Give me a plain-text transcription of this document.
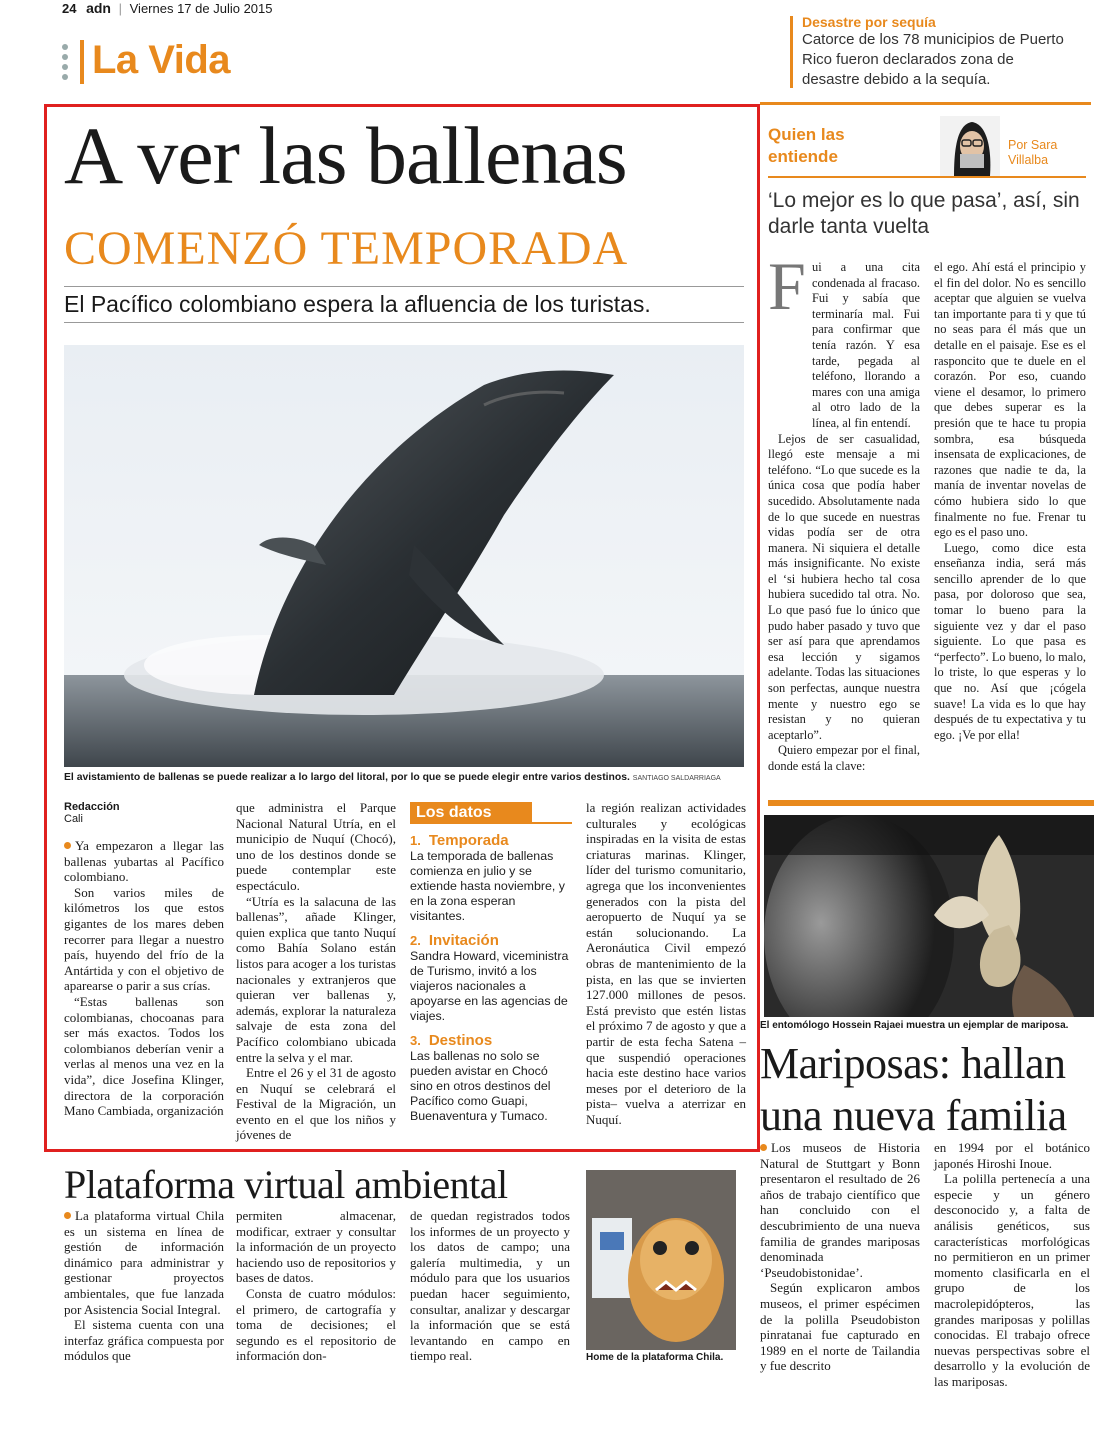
24 adn | Viernes 17 de Julio 2015
La Vida
Desastre por sequía
Catorce de los 78 municipios de Puerto Rico fueron declarados zona de desastre debido a la sequía.
A ver las ballenas
COMENZÓ TEMPORADA
El Pacífico colombiano espera la afluencia de los turistas.
El avistamiento de ballenas se puede realizar a lo largo del litoral, por lo que se puede elegir entre varios destinos. SANTIAGO SALDARRIAGA
Redacción
Cali

Ya empezaron a llegar las ballenas yubartas al Pacífico colombiano.

Son varios miles de kilómetros los que estos gigantes de los mares deben recorrer para llegar a nuestro país, huyendo del frío de la Antártida y con el objetivo de aparearse o parir a sus crías.

“Estas ballenas son colombianas, chocoanas para ser más exactos. Todos los colombianos deberían venir a verlas al menos una vez en la vida”, dice Josefina Klinger, directora de la corporación Mano Cambiada, organización

que administra el Parque Nacional Natural Utría, en el municipio de Nuquí (Chocó), uno de los destinos donde se puede contemplar este espectáculo.

“Utría es la salacuna de las ballenas”, añade Klinger, quien explica que tanto Nuquí como Bahía Solano están listos para acoger a los turistas nacionales y extranjeros que quieran ver ballenas y, además, explorar la naturaleza salvaje de esta zona del Pacífico colombiano ubicada entre la selva y el mar.

Entre el 26 y el 31 de agosto en Nuquí se celebrará el Festival de la Migración, un evento en el que los niños y jóvenes de

Los datos
1. Temporada
La temporada de ballenas comienza en julio y se extiende hasta noviembre, y en la zona esperan visitantes.
2. Invitación
Sandra Howard, viceministra de Turismo, invitó a los viajeros nacionales a apoyarse en las agencias de viajes.
3. Destinos
Las ballenas no solo se pueden avistar en Chocó sino en otros destinos del Pacífico como Guapi, Buenaventura y Tumaco.

la región realizan actividades culturales y ecológicas inspiradas en la visita de estas criaturas marinas. Klinger, líder del turismo comunitario, agrega que los inconvenientes generados con la pista del aeropuerto de Nuquí ya se están solucionando. La Aeronáutica Civil empezó obras de mantenimiento de la pista, en las que se invierten 127.000 millones de pesos. Está previsto que estén listas el próximo 7 de agosto y que a partir de esta fecha Satena –que suspendió operaciones hacia este destino hace varios meses por el deterioro de la pista– vuelva a aterrizar en Nuquí.

Quien las entiende
Por Sara Villalba
‘Lo mejor es lo que pasa’, así, sin darle tanta vuelta
F ui a una cita condenada al fracaso. Fui y sabía que terminaría mal. Fui para confirmar que tenía razón. Y esa tarde, pegada al teléfono, llorando a mares con una amiga al otro lado de la línea, al fin entendí.

Lejos de ser casualidad, llegó este mensaje a mi teléfono. “Lo que sucede es la única cosa que podía haber sucedido. Absolutamente nada de lo que sucede en nuestras vidas podía ser de otra manera. Ni siquiera el detalle más insignificante. No existe el ‘si hubiera hecho tal cosa hubiera sucedido tal otra. No. Lo que pasó fue lo único que pudo haber pasado y tuvo que ser así para que aprendamos esa lección y sigamos adelante. Todas las situaciones son perfectas, aunque nuestra mente y nuestro ego se resistan y no quieran aceptarlo”.

Quiero empezar por el final, donde está la clave:

el ego. Ahí está el principio y el fin del dolor. No es sencillo aceptar que alguien se vuelva tan importante para ti y que tú no seas para él más que un detalle en el paisaje. Ese es el rasponcito que te duele en el corazón. Por eso, cuando viene el desamor, lo primero que debes superar es la presión que te hace tu propia sombra, esa búsqueda insensata de explicaciones, de razones que nadie te da, la manía de inventar novelas de cómo hubiera sido lo que finalmente no fue. Frenar tu ego es el paso uno.

Luego, como dice esta enseñanza india, será más sencillo aprender de lo que pasa, por doloroso que sea, tomar lo bueno para la siguiente vez y dar el paso siguiente. Lo que pasa es “perfecto”. Lo bueno, lo malo, lo triste, lo que esperas y lo que no. Así que ¡cógela suave! La vida es lo que hay después de tu expectativa y tu ego. ¡Ve por ella!

El entomólogo Hossein Rajaei muestra un ejemplar de mariposa.
Mariposas: hallan una nueva familia

Los museos de Historia Natural de Stuttgart y Bonn presentaron el resultado de 26 años de trabajo científico que han concluido con el descubrimiento de una nueva familia de grandes mariposas denominada ‘Pseudobistonidae’.

Según explicaron ambos museos, el primer espécimen de la polilla Pseudobiston pinratanai fue capturado en 1989 en el norte de Tailandia y fue descrito

en 1994 por el botánico japonés Hiroshi Inoue.

La polilla pertenecía a una especie y un género desconocido y, a falta de análisis genéticos, sus características morfológicas no permitieron en un primer momento clasificarla en el grupo de los macrolepidópteros, las grandes mariposas y polillas conocidas. El trabajo ofrece nuevas perspectivas sobre el desarrollo y la evolución de las mariposas.

Plataforma virtual ambiental

La plataforma virtual Chila es un sistema en línea de gestión de información dinámico para administrar y gestionar proyectos ambientales, que fue lanzada por Asistencia Social Integral.

El sistema cuenta con una interfaz gráfica compuesta por módulos que

permiten almacenar, modificar, extraer y consultar la información de un proyecto haciendo uso de repositorios y bases de datos.

Consta de cuatro módulos: el primero, de cartografía y toma de decisiones; el segundo es el repositorio de información don-

de quedan registrados todos los informes de un proyecto y los datos de campo; una galería multimedia, y un módulo para que los usuarios puedan hacer seguimiento, consultar, analizar y descargar la información que se está levantando en campo en tiempo real.	Home de la plataforma Chila.
